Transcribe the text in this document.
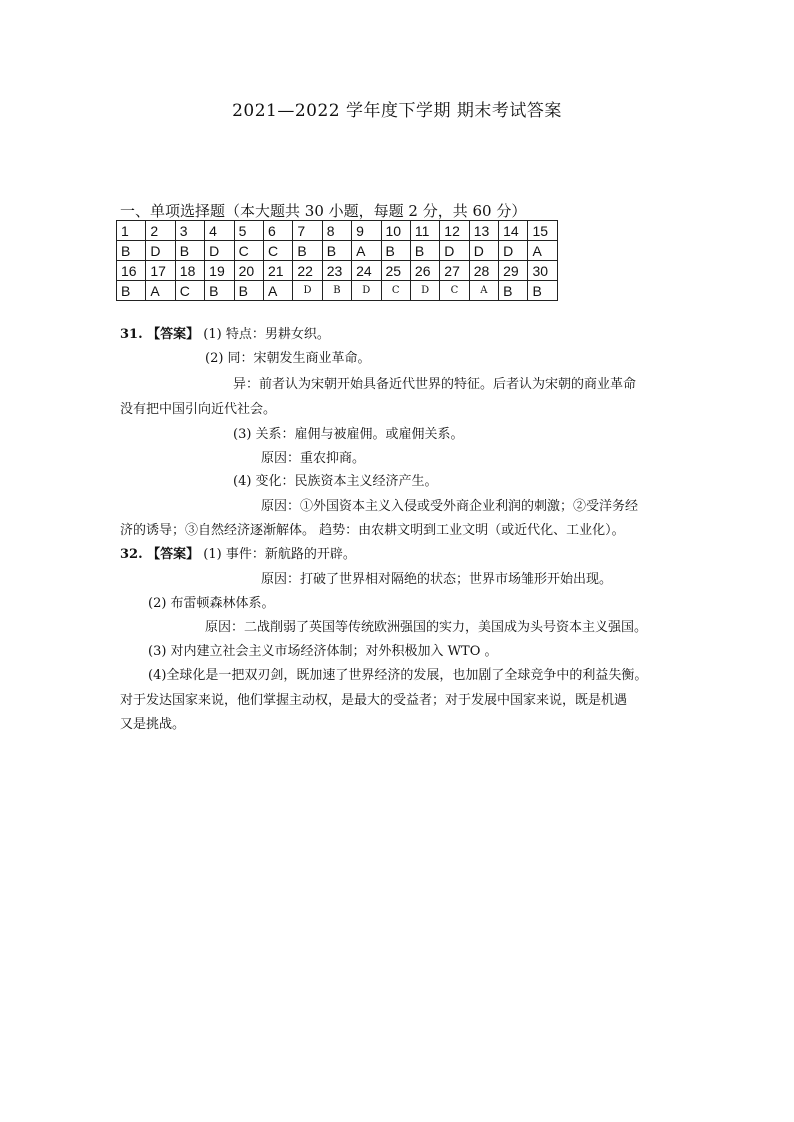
2021—2022 学年度下学期 期末考试答案
一、单项选择题（本大题共 30 小题，每题 2 分，共 60 分）
1	2	3	4	5	6	7	8	9	10	11	12	13	14	15
B	D	B	D	C	C	B	B	A	B	B	D	D	D	A
16	17	18	19	20	21	22	23	24	25	26	27	28	29	30
B	A	C	B	B	A	D	B	D	C	D	C	A	B	B
31. 【答案】 (1) 特点：男耕女织。
(2) 同：宋朝发生商业革命。
异：前者认为宋朝开始具备近代世界的特征。后者认为宋朝的商业革命
没有把中国引向近代社会。
(3) 关系：雇佣与被雇佣。或雇佣关系。
原因：重农抑商。
(4) 变化：民族资本主义经济产生。
原因：①外国资本主义入侵或受外商企业利润的刺激；②受洋务经
济的诱导；③自然经济逐渐解体。 趋势：由农耕文明到工业文明（或近代化、工业化）。
32. 【答案】 (1) 事件：新航路的开辟。
原因：打破了世界相对隔绝的状态；世界市场雏形开始出现。
(2) 布雷顿森林体系。
原因：二战削弱了英国等传统欧洲强国的实力，美国成为头号资本主义强国。
(3) 对内建立社会主义市场经济体制；对外积极加入 WTO 。
(4)全球化是一把双刃剑，既加速了世界经济的发展，也加剧了全球竞争中的利益失衡。
对于发达国家来说，他们掌握主动权，是最大的受益者；对于发展中国家来说，既是机遇
又是挑战。
